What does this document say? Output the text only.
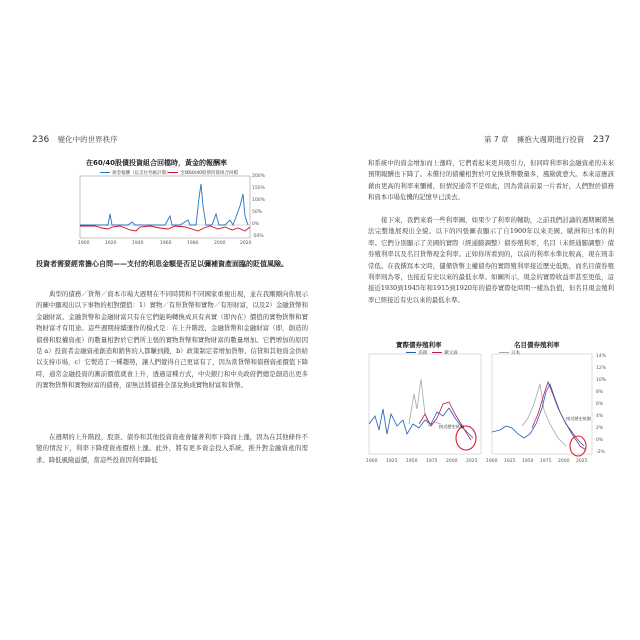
236 變化中的世界秩序
在60/40股債投資組合回檔時，黃金的報酬率
黃金報酬（以支付外匯計價）	全球60/40股債投資組合回檔
200%
150%
100%
50%
0%
-50%
1900	1920	1940	1960	1980	2000	2020
投資者需要經常擔心自問——支付的利息金額是否足以彌補資產面臨的貶值風險。
典型的債務／貨幣／資本市場大週期在不同時間和不同國家重複出現，並在我剛剛向你展示的圖中顯現出以下事物的相對價值：1）實物／有形貨幣和實物／有形財富，以及2）金融貨幣和金融財富。金融貨幣和金融財富只有在它們能夠轉換成具有真實（即內在）價值的實物貨幣和實物財富才有用途。這些週期持續運作的模式是：在上升階段，金融貨幣和金融財富（即，創造的債務和股權資產）的數量相對於它們所主張的實物貨幣和實物財富的數量增加。它們增加的原因是 a）投資者金融資產創造和銷售的人都賺到錢，b）政策制定者增加貨幣、信貸和其他資金供給以支持市場，c）它製造了一種趨勢，讓人們覺得自己更富有了，因為當貨幣和債務資產價值下降時，通常金融投資的漸前價值就會上升，透過這種方式，中央銀行和中央政府們總是創造出更多的實物貨幣和實物財富的債務，卻無法將債務全部兌換成實物財富和貨幣。
在週期的上升階段，股票、債券和其他投資資產會隨著利率下降而上漲，因為在其他條件不變的情況下，利率下降使資產價格上漲。此外，將有更多資金投入系統，推升對金融資產的需求、降低風險溢價，當這些投資因利率降低
第 7 章 擁抱大週期進行投資 237
和系統中的資金增加而上漲時，它們看起來更具吸引力，但同時利率和金融資產的未來預期報酬也下降了。未償付的債權相對於可兌換貨幣數量多，風險就愈大。本來這應該藉由更高的利率來彌補，但情況通常不是如此，因為當前前景一片看好，人們對於債務和資本市場危機的記憶早已淡去。
接下來，我們來看一些利率圖，如果少了利率的輔助，之前我們討論的週期圖將無法完整地展現出全貌。以下的四張圖表顯示了自1900年以來美國、歐洲和日本的利率。它們分別顯示了美國的實際（經通膨調整）債券殖利率，名目（未經通膨調整）債券殖利率以及名目貨幣現金利率。正如你所看到的，以前的利率水準比較高，現在則非常低。在我撰寫本文時，儲備貨幣主權債券的實際殖利率接近歷史低點，而名目債券殖利率則為零，也接近有史以來的最低水準。如圖所示，現金的實際收益率甚至更低，這接近1930到1945年和1915到1920年的債券實際化時期一樣為負值，但名目現金殖利率已經接近有史以來的最低水準。
實際債券殖利率
美國	歐元區
接近歷史低點
1900 1925 1950 1975 2000 2025
名目債券殖利率
日本
接近歷史低點
14%
12%
10%
8%
6%
4%
2%
0%
-2%
1900 1925 1950 1975 2000 2025
